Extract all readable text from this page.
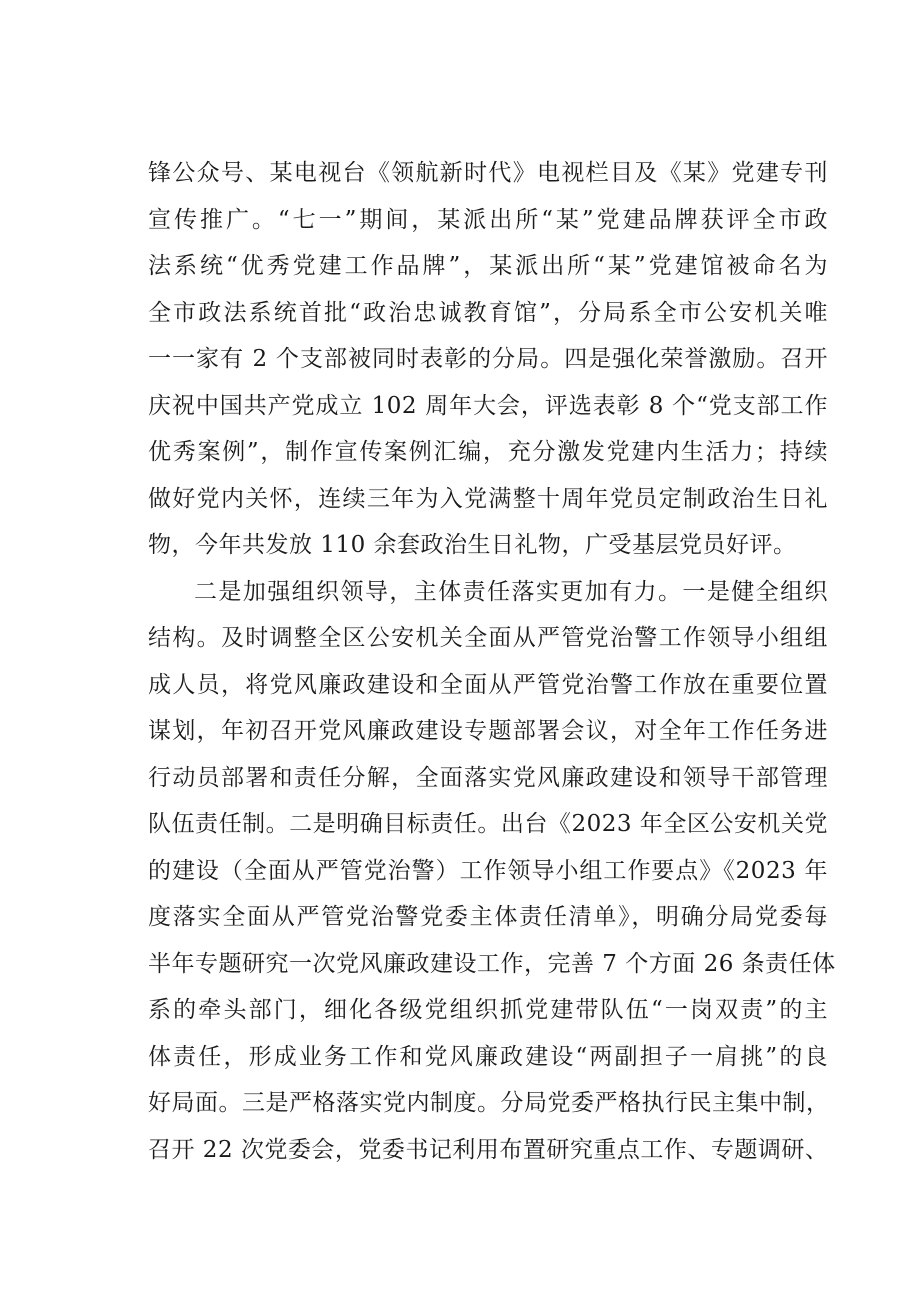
锋公众号、某电视台《领航新时代》电视栏目及《某》党建专刊
宣传推广。“七一”期间，某派出所“某”党建品牌获评全市政
法系统“优秀党建工作品牌”，某派出所“某”党建馆被命名为
全市政法系统首批“政治忠诚教育馆”，分局系全市公安机关唯
一一家有 2 个支部被同时表彰的分局。四是强化荣誉激励。召开
庆祝中国共产党成立 102 周年大会，评选表彰 8 个“党支部工作
优秀案例”，制作宣传案例汇编，充分激发党建内生活力；持续
做好党内关怀，连续三年为入党满整十周年党员定制政治生日礼
物，今年共发放 110 余套政治生日礼物，广受基层党员好评。
二是加强组织领导，主体责任落实更加有力。一是健全组织
结构。及时调整全区公安机关全面从严管党治警工作领导小组组
成人员，将党风廉政建设和全面从严管党治警工作放在重要位置
谋划，年初召开党风廉政建设专题部署会议，对全年工作任务进
行动员部署和责任分解，全面落实党风廉政建设和领导干部管理
队伍责任制。二是明确目标责任。出台《2023 年全区公安机关党
的建设（全面从严管党治警）工作领导小组工作要点》《2023 年
度落实全面从严管党治警党委主体责任清单》，明确分局党委每
半年专题研究一次党风廉政建设工作，完善 7 个方面 26 条责任体
系的牵头部门，细化各级党组织抓党建带队伍“一岗双责”的主
体责任，形成业务工作和党风廉政建设“两副担子一肩挑”的良
好局面。三是严格落实党内制度。分局党委严格执行民主集中制，
召开 22 次党委会，党委书记利用布置研究重点工作、专题调研、
